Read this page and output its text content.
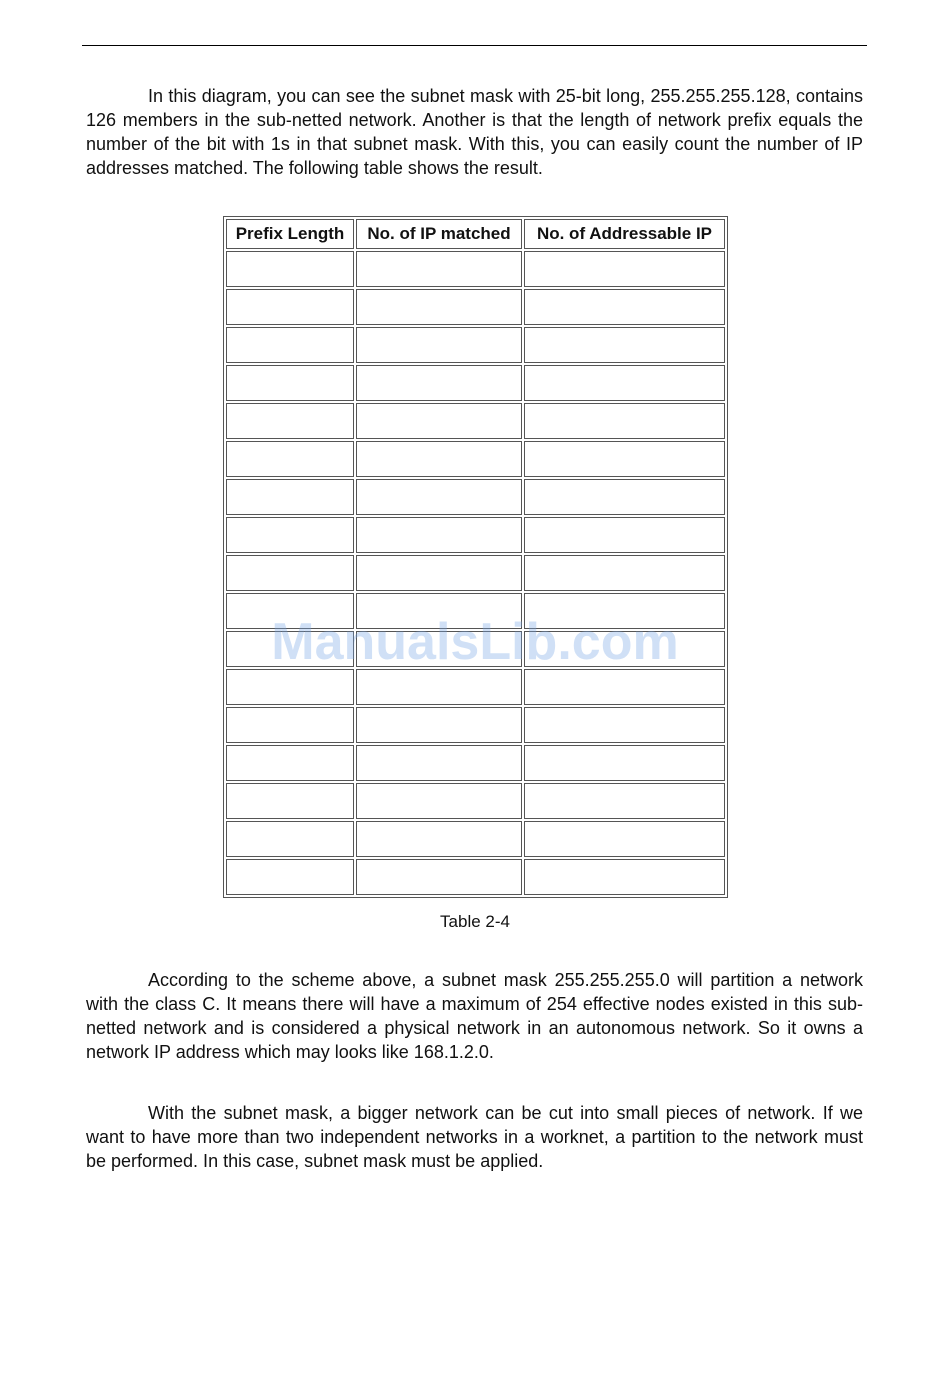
In this diagram, you can see the subnet mask with 25-bit long, 255.255.255.128, contains 126 members in the sub-netted network. Another is that the length of network prefix equals the number of the bit with 1s in that subnet mask. With this, you can easily count the number of IP addresses matched. The following table shows the result.

Prefix Length	No. of IP matched	No. of Addressable IP

Table 2-4

According to the scheme above, a subnet mask 255.255.255.0 will partition a network with the class C. It means there will have a maximum of 254 effective nodes existed in this sub-netted network and is considered a physical network in an autonomous network. So it owns a network IP address which may looks like 168.1.2.0.

With the subnet mask, a bigger network can be cut into small pieces of network. If we want to have more than two independent networks in a worknet, a partition to the network must be performed. In this case, subnet mask must be applied.

ManualsLib.com
